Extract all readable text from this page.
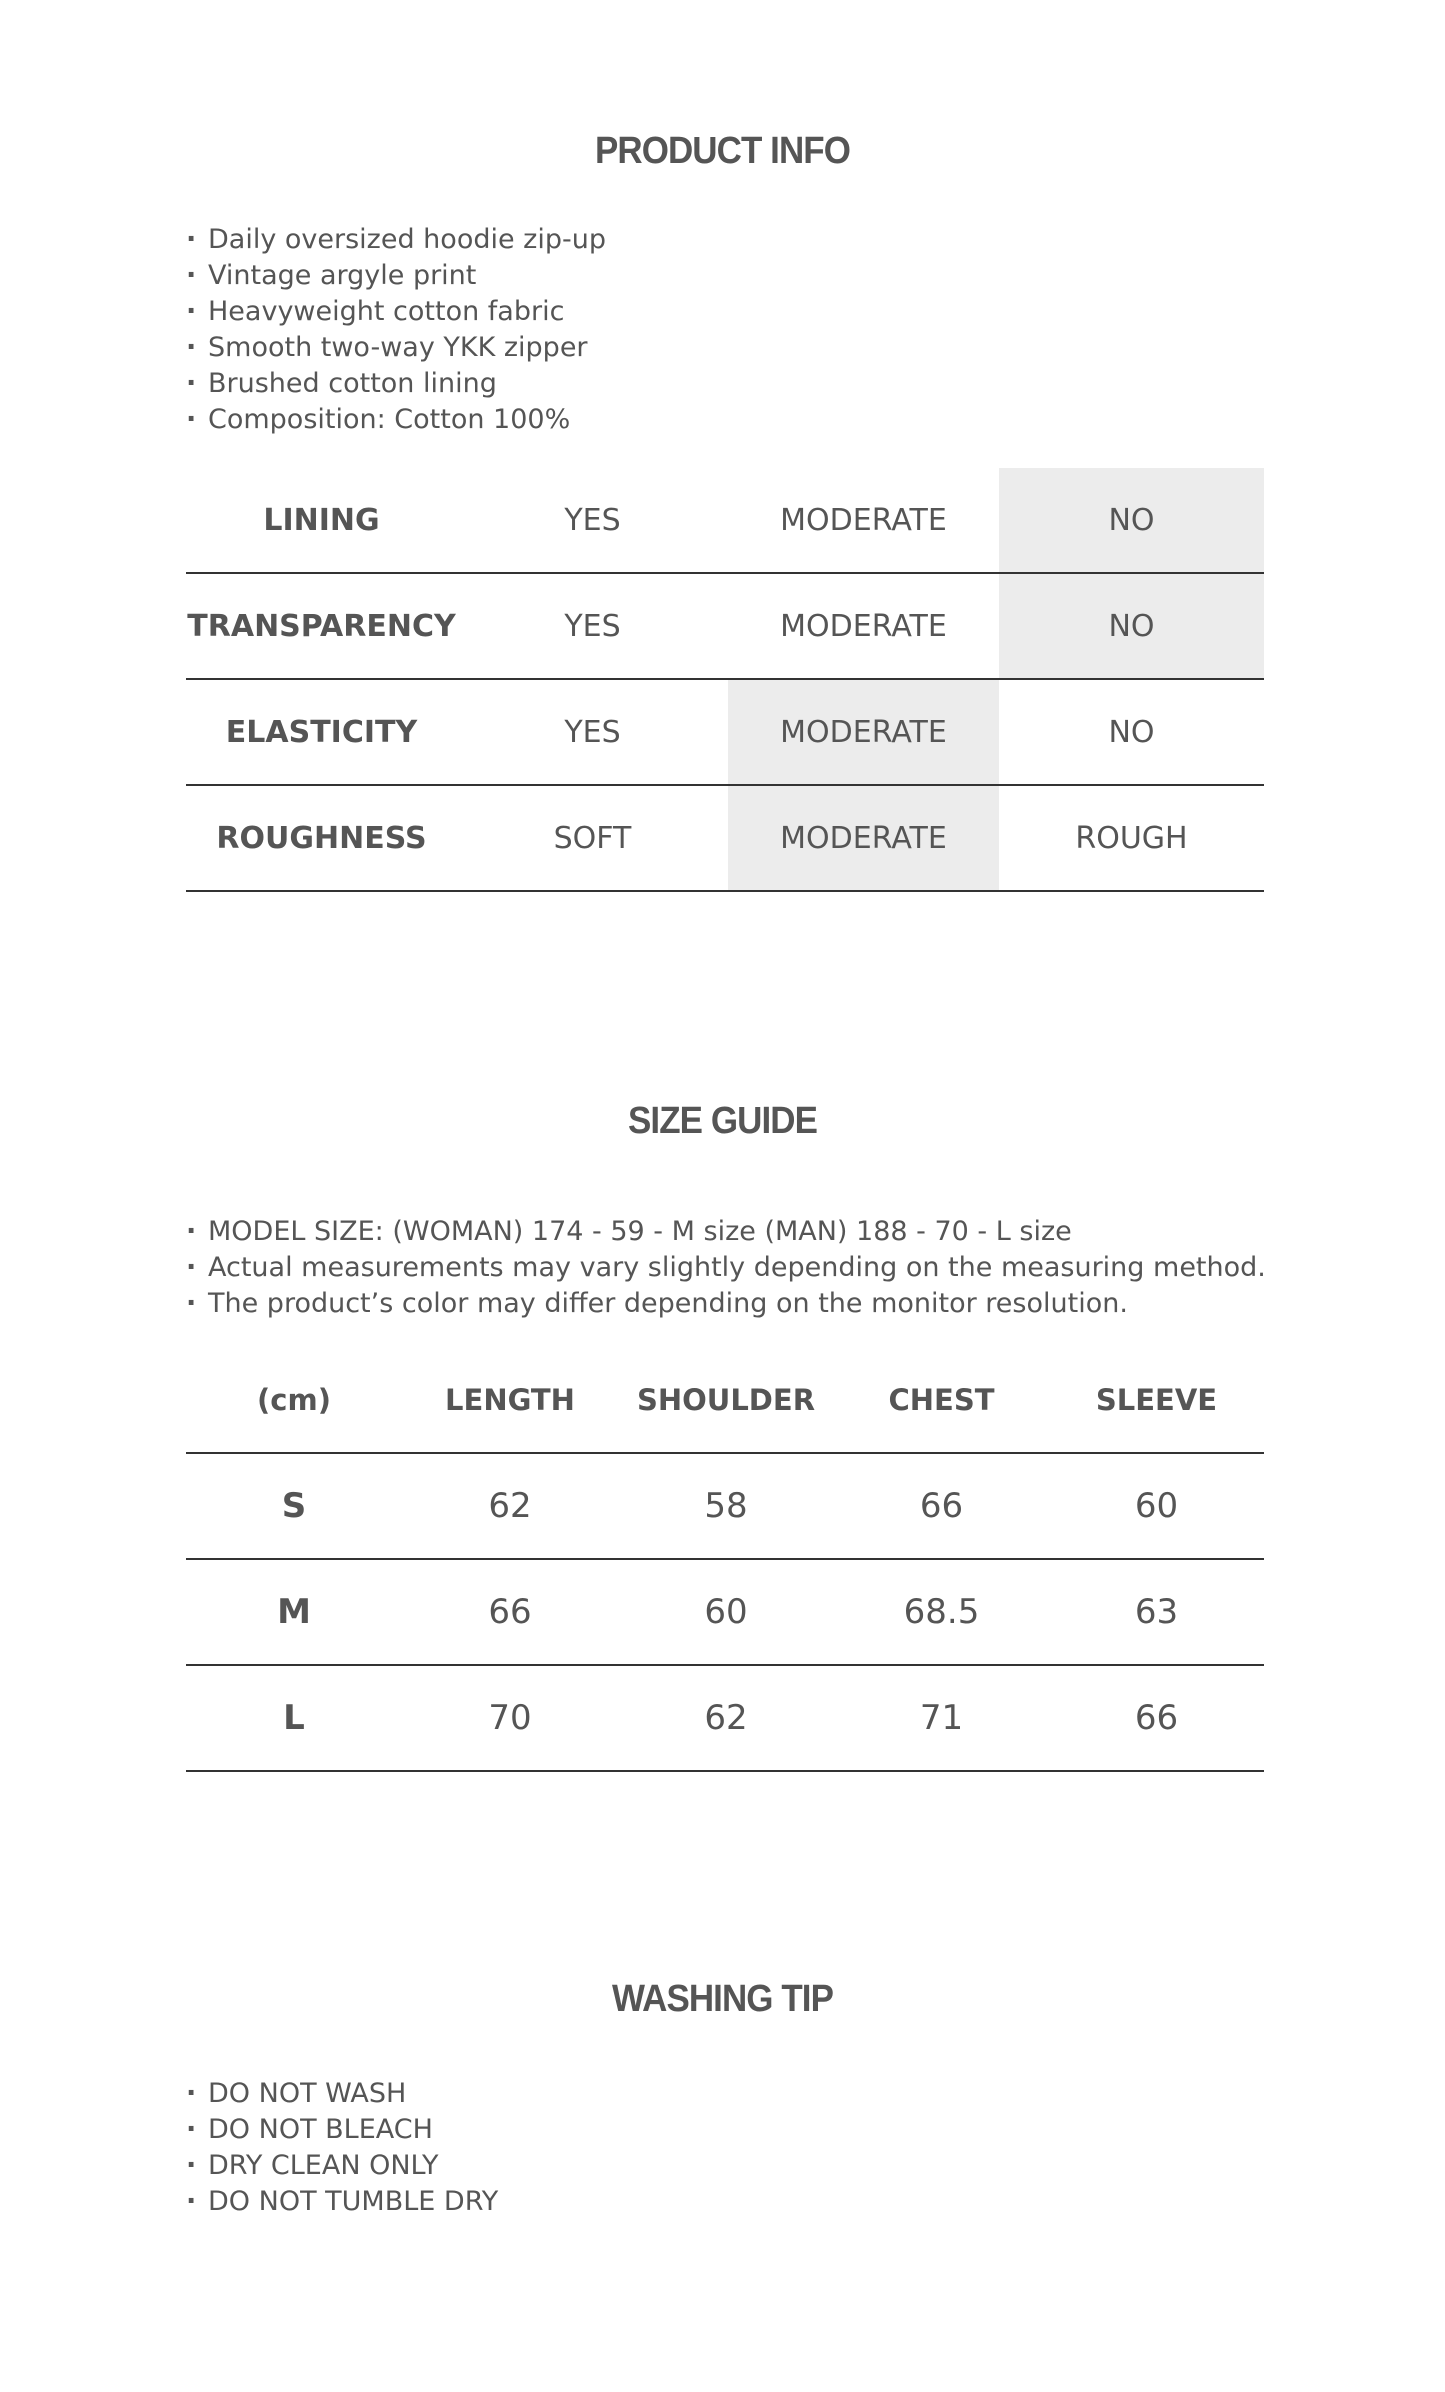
PRODUCT INFO
· Daily oversized hoodie zip-up
· Vintage argyle print
· Heavyweight cotton fabric
· Smooth two-way YKK zipper
· Brushed cotton lining
· Composition: Cotton 100%
LINING	YES	MODERATE	NO
TRANSPARENCY	YES	MODERATE	NO
ELASTICITY	YES	MODERATE	NO
ROUGHNESS	SOFT	MODERATE	ROUGH
SIZE GUIDE
· MODEL SIZE: (WOMAN) 174 - 59 - M size (MAN) 188 - 70 - L size
· Actual measurements may vary slightly depending on the measuring method.
· The product’s color may differ depending on the monitor resolution.
(cm)	LENGTH	SHOULDER	CHEST	SLEEVE
S	62	58	66	60
M	66	60	68.5	63
L	70	62	71	66
WASHING TIP
· DO NOT WASH
· DO NOT BLEACH
· DRY CLEAN ONLY
· DO NOT TUMBLE DRY
